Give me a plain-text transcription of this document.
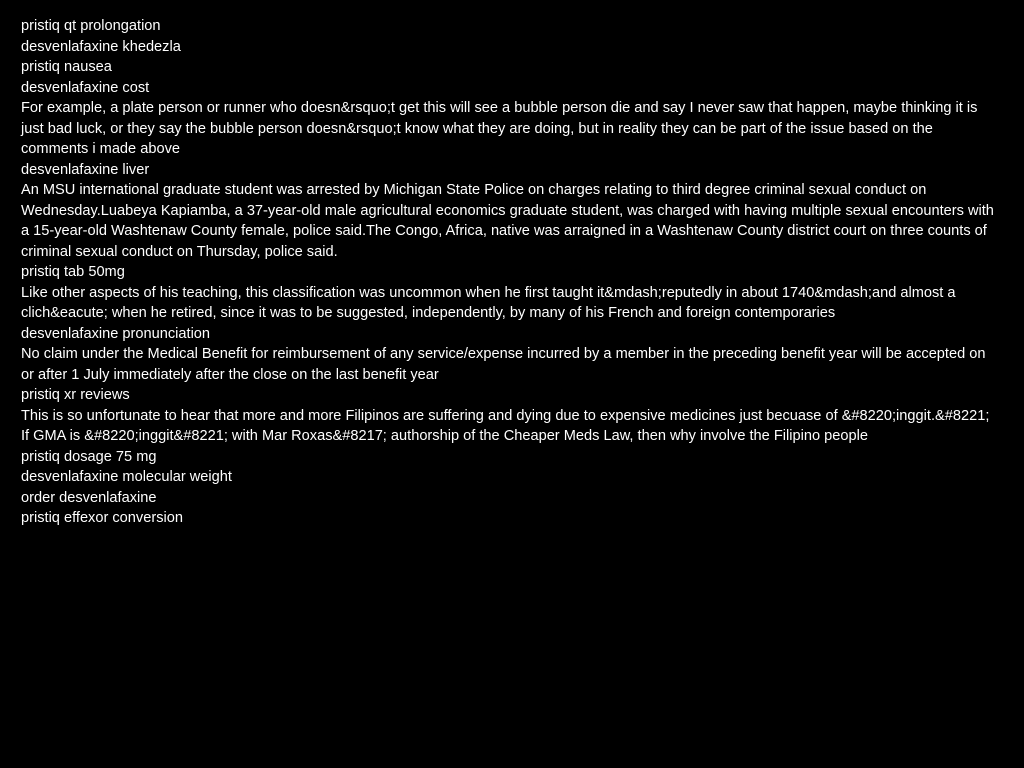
pristiq qt prolongation

desvenlafaxine khedezla

pristiq nausea

desvenlafaxine cost

For example, a plate person or runner who doesn&rsquo;t get this will see a bubble person die and say I never saw that happen, maybe thinking it is just bad luck, or they say the bubble person doesn&rsquo;t know what they are doing, but in reality they can be part of the issue based on the comments i made above

desvenlafaxine liver

An MSU international graduate student was arrested by Michigan State Police on charges relating to third degree criminal sexual conduct on Wednesday.Luabeya Kapiamba, a 37-year-old male agricultural economics graduate student, was charged with having multiple sexual encounters with a 15-year-old Washtenaw County female, police said.The Congo, Africa, native was arraigned in a Washtenaw County district court on three counts of criminal sexual conduct on Thursday, police said.

pristiq tab 50mg

Like other aspects of his teaching, this classification was uncommon when he first taught it&mdash;reputedly in about 1740&mdash;and almost a clich&eacute; when he retired, since it was to be suggested, independently, by many of his French and foreign contemporaries

desvenlafaxine pronunciation

No claim under the Medical Benefit for reimbursement of any service/expense incurred by a member in the preceding benefit year will be accepted on or after 1 July immediately after the close on the last benefit year

pristiq xr reviews

This is so unfortunate to hear that more and more Filipinos are suffering and dying due to expensive medicines just becuase of &#8220;inggit.&#8221; If GMA is &#8220;inggit&#8221; with Mar Roxas&#8217; authorship of the Cheaper Meds Law, then why involve the Filipino people

pristiq dosage 75 mg

desvenlafaxine molecular weight

order desvenlafaxine

pristiq effexor conversion
